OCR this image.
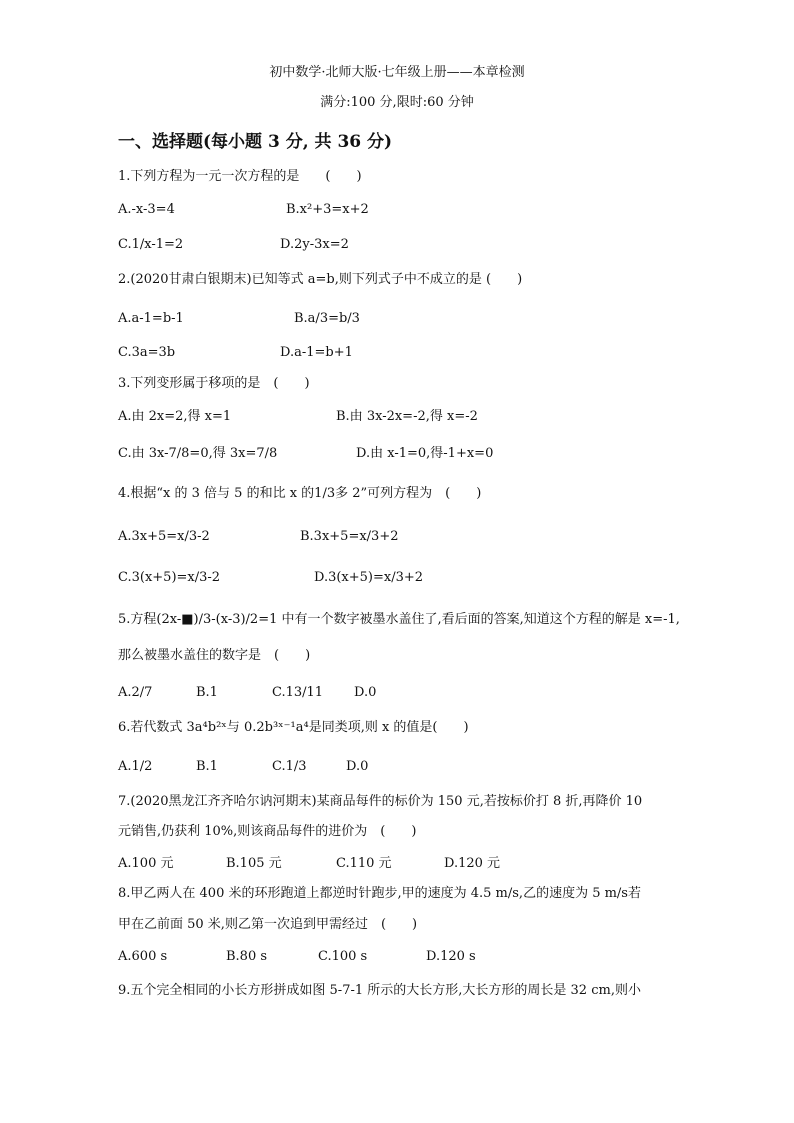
初中数学·北师大版·七年级上册——本章检测
满分:100 分,限时:60 分钟
一、选择题(每小题 3 分, 共 36 分)
1.下列方程为一元一次方程的是　　(　　)
A.-x-3=4	B.x²+3=x+2
C.1/x-1=2	D.2y-3x=2
2.(2020甘肃白银期末)已知等式 a=b,则下列式子中不成立的是 (　　)
A.a-1=b-1	B.a/3=b/3
C.3a=3b	D.a-1=b+1
3.下列变形属于移项的是　(　　)
A.由 2x=2,得 x=1	B.由 3x-2x=-2,得 x=-2
C.由 3x-7/8=0,得 3x=7/8	D.由 x-1=0,得-1+x=0
4.根据“x 的 3 倍与 5 的和比 x 的1/3多 2”可列方程为　(　　)
A.3x+5=x/3-2	B.3x+5=x/3+2
C.3(x+5)=x/3-2	D.3(x+5)=x/3+2
5.方程(2x-■)/3-(x-3)/2=1 中有一个数字被墨水盖住了,看后面的答案,知道这个方程的解是 x=-1,
那么被墨水盖住的数字是　(　　)
A.2/7	B.1	C.13/11 D.0
6.若代数式 3a⁴b²ˣ与 0.2b³ˣ⁻¹a⁴是同类项,则 x 的值是(　　)
A.1/2	B.1	C.1/3	D.0
7.(2020黑龙江齐齐哈尔讷河期末)某商品每件的标价为 150 元,若按标价打 8 折,再降价 10
元销售,仍获利 10%,则该商品每件的进价为　(　　)
A.100 元	B.105 元	C.110 元	D.120 元
8.甲乙两人在 400 米的环形跑道上都逆时针跑步,甲的速度为 4.5 m/s,乙的速度为 5 m/s若
甲在乙前面 50 米,则乙第一次追到甲需经过　(　　)
A.600 s	B.80 s	C.100 s	D.120 s
9.五个完全相同的小长方形拼成如图 5-7-1 所示的大长方形,大长方形的周长是 32 cm,则小
